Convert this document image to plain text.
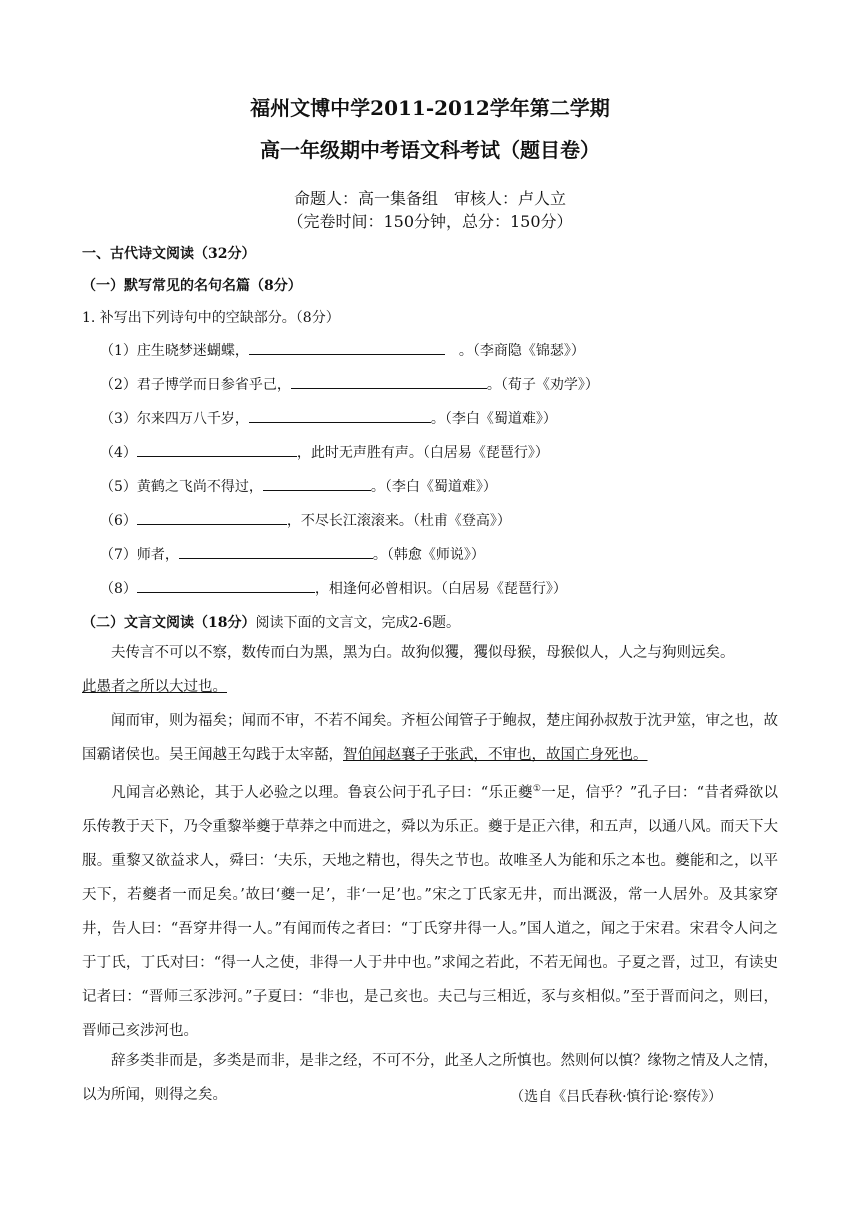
福州文博中学2011-2012学年第二学期
高一年级期中考语文科考试（题目卷）
命题人：高一集备组　审核人：卢人立
（完卷时间：150分钟，总分：150分）
一、古代诗文阅读（32分）
（一）默写常见的名句名篇（8分）
1. 补写出下列诗句中的空缺部分。（8分）
（1）庄生晓梦迷蝴蝶，	　。（李商隐《锦瑟》）
（2）君子博学而日参省乎己，	。（荀子《劝学》）
（3）尔来四万八千岁，	。（李白《蜀道难》）
（4）	，此时无声胜有声。（白居易《琵琶行》）
（5）黄鹤之飞尚不得过，	。（李白《蜀道难》）
（6）	，不尽长江滚滚来。（杜甫《登高》）
（7）师者，	。（韩愈《师说》）
（8）	，相逢何必曾相识。（白居易《琵琶行》）
（二）文言文阅读（18分）阅读下面的文言文，完成2-6题。
夫传言不可以不察，数传而白为黑，黑为白。故狗似玃，玃似母猴，母猴似人，人之与狗则远矣。
此愚者之所以大过也。
闻而审，则为福矣；闻而不审，不若不闻矣。齐桓公闻管子于鲍叔，楚庄闻孙叔敖于沈尹筮，审之也，故国霸诸侯也。吴王闻越王勾践于太宰嚭，智伯闻赵襄子于张武，不审也，故国亡身死也。
凡闻言必熟论，其于人必验之以理。鲁哀公问于孔子曰：“乐正夔①一足，信乎？”孔子曰：“昔者舜欲以乐传教于天下，乃令重黎举夔于草莽之中而进之，舜以为乐正。夔于是正六律，和五声，以通八风。而天下大服。重黎又欲益求人，舜曰：‘夫乐，天地之精也，得失之节也。故唯圣人为能和乐之本也。夔能和之，以平天下，若夔者一而足矣。’故曰‘夔一足’，非‘一足’也。”宋之丁氏家无井，而出溉汲，常一人居外。及其家穿井，告人曰：“吾穿井得一人。”有闻而传之者曰：“丁氏穿井得一人。”国人道之，闻之于宋君。宋君令人问之于丁氏，丁氏对曰：“得一人之使，非得一人于井中也。”求闻之若此，不若无闻也。子夏之晋，过卫，有读史记者曰：“晋师三豕涉河。”子夏曰：“非也，是己亥也。夫己与三相近，豕与亥相似。”至于晋而问之，则曰，晋师己亥涉河也。
辞多类非而是，多类是而非，是非之经，不可不分，此圣人之所慎也。然则何以慎？缘物之情及人之情，以为所闻，则得之矣。	（选自《吕氏春秋·慎行论·察传》）
